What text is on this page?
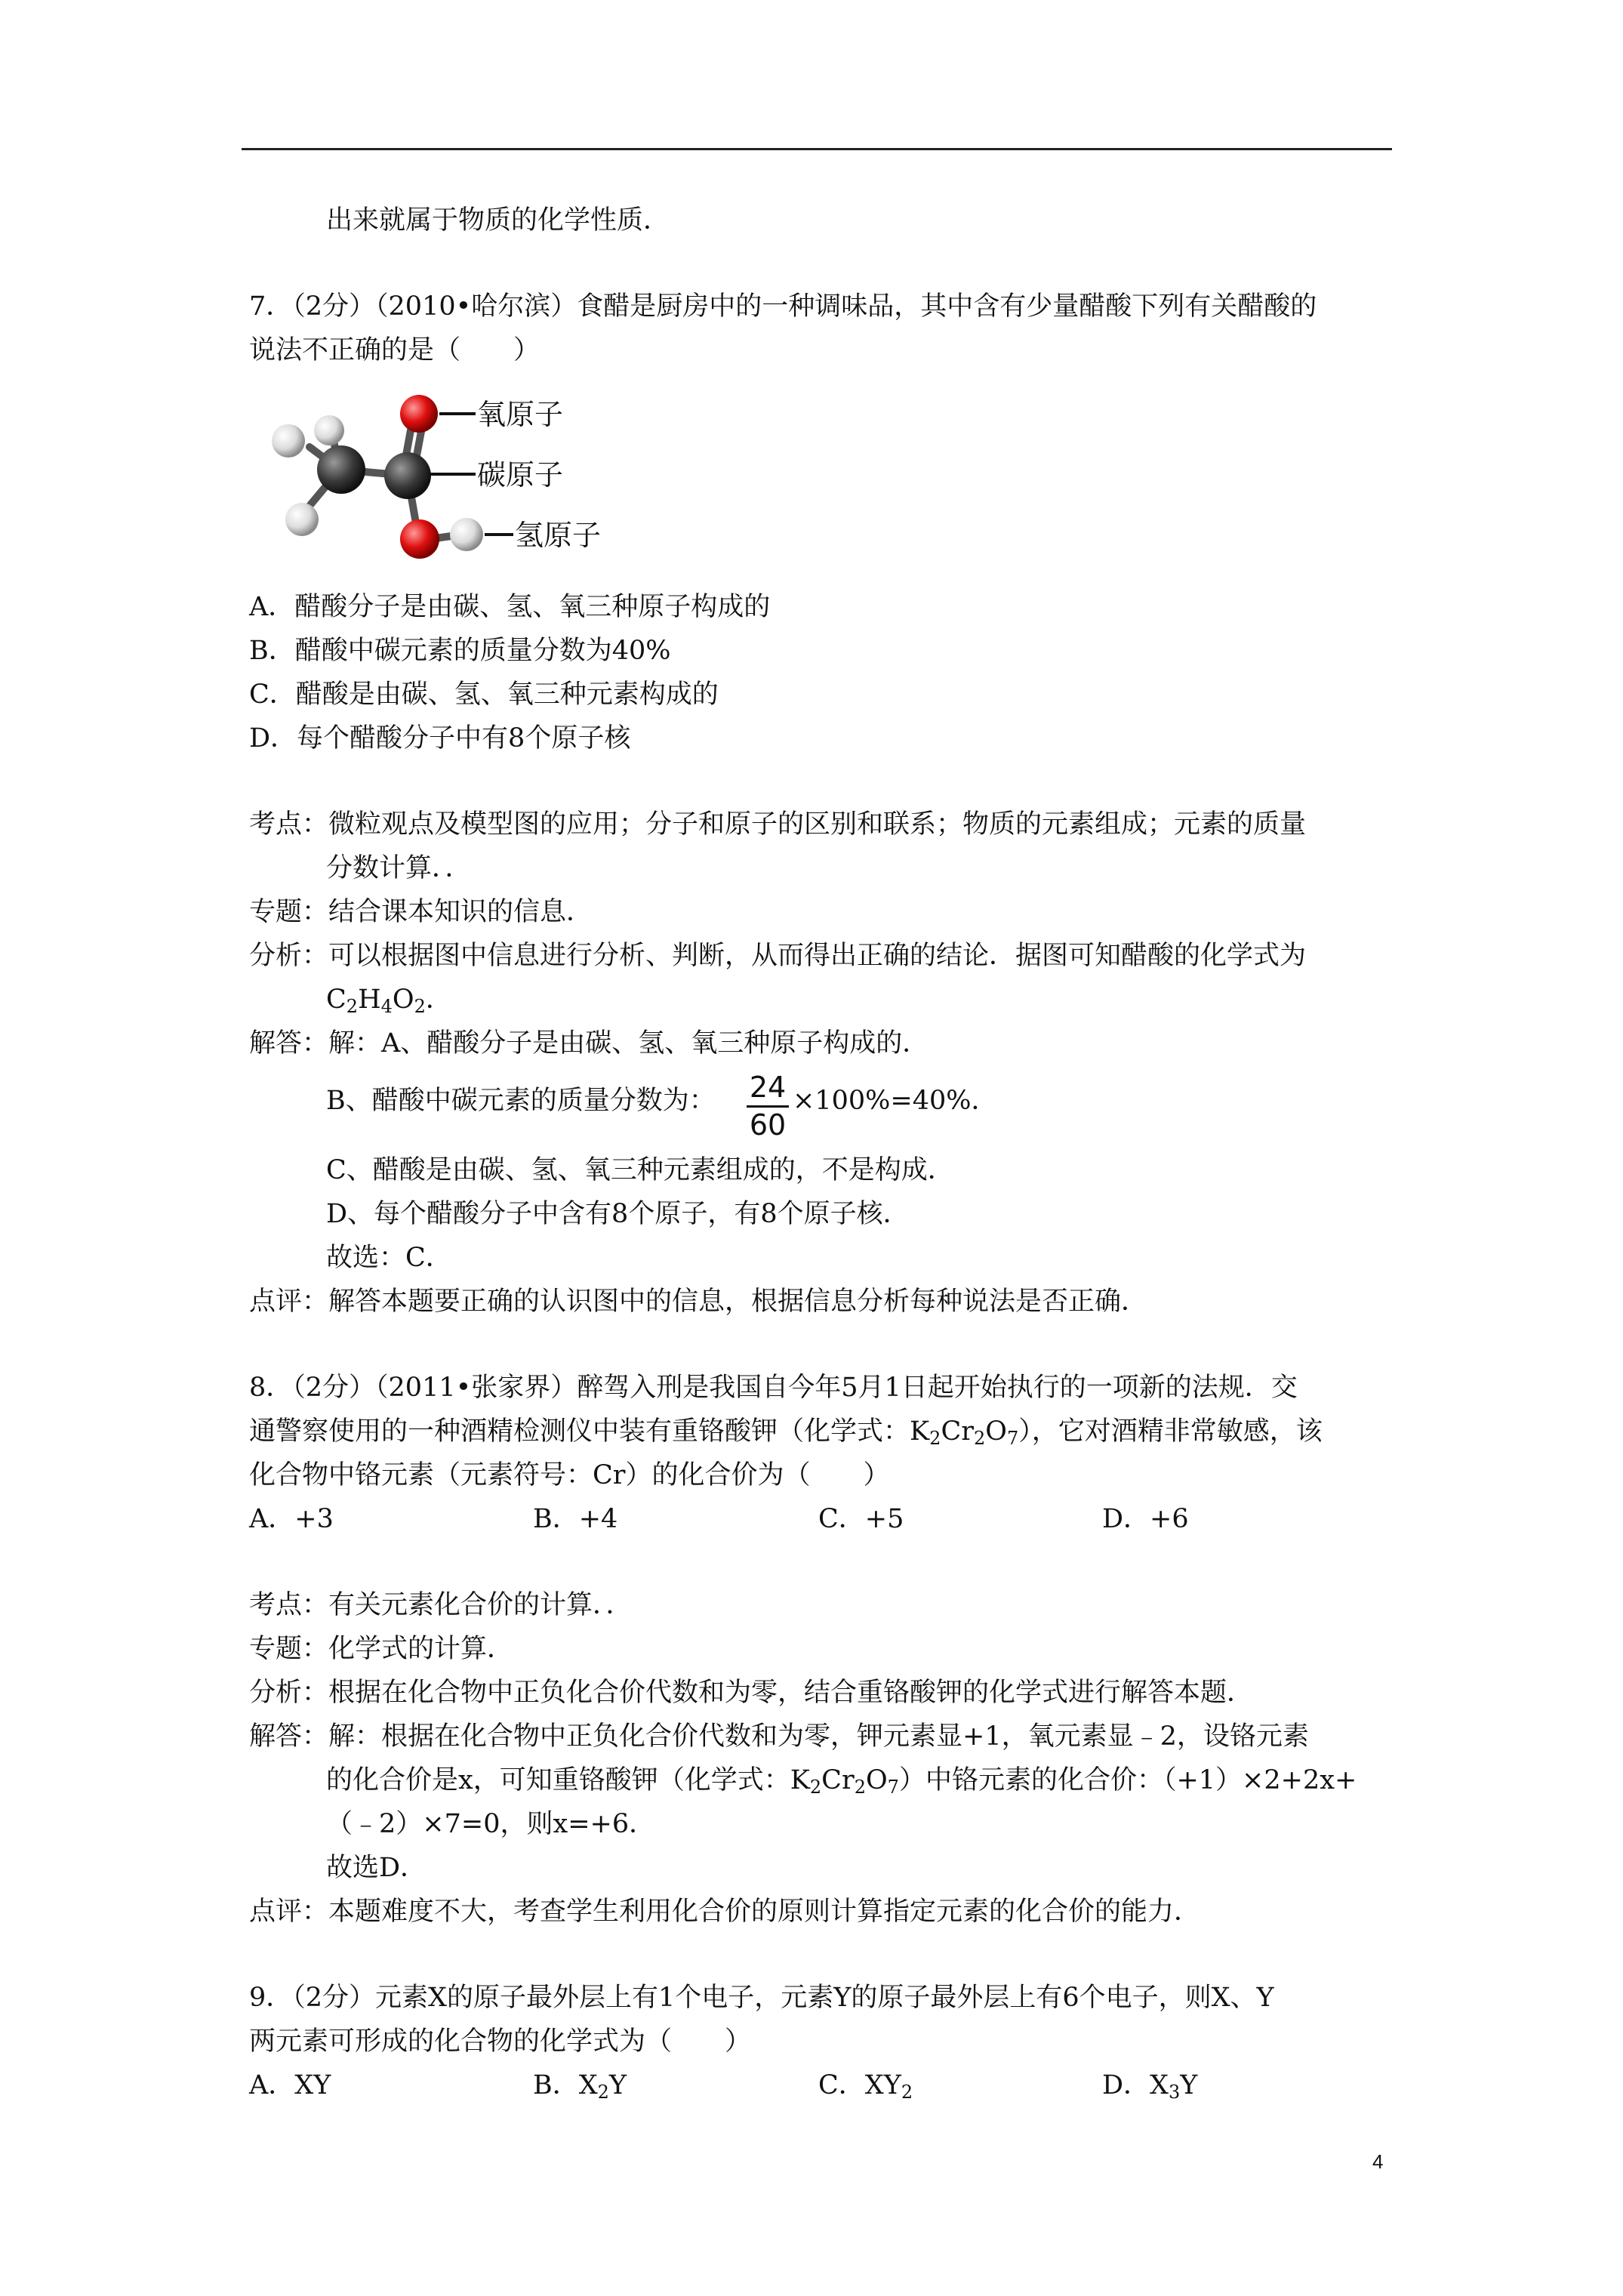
出来就属于物质的化学性质．
7．（2分）（2010•哈尔滨）食醋是厨房中的一种调味品，其中含有少量醋酸下列有关醋酸的
说法不正确的是（　　）
氧原子
碳原子
氢原子
A．醋酸分子是由碳、氢、氧三种原子构成的
B．醋酸中碳元素的质量分数为40%
C．醋酸是由碳、氢、氧三种元素构成的
D．每个醋酸分子中有8个原子核
考点：微粒观点及模型图的应用；分子和原子的区别和联系；物质的元素组成；元素的质量
分数计算．．
专题：结合课本知识的信息．
分析：可以根据图中信息进行分析、判断，从而得出正确的结论．据图可知醋酸的化学式为
$C_2H_4O_2$．
解答：解：A、醋酸分子是由碳、氢、氧三种原子构成的．
B、醋酸中碳元素的质量分数为： 24
60
×100%=40%．
C、醋酸是由碳、氢、氧三种元素组成的，不是构成．
D、每个醋酸分子中含有8个原子，有8个原子核．
故选：C．
点评：解答本题要正确的认识图中的信息，根据信息分析每种说法是否正确．
8．（2分）（2011•张家界）醉驾入刑是我国自今年5月1日起开始执行的一项新的法规．交
通警察使用的一种酒精检测仪中装有重铬酸钾（化学式：$K_2Cr_2O_7$），它对酒精非常敏感，该
化合物中铬元素（元素符号：Cr）的化合价为（　　）
A．+3	B．+4	C．+5	D．+6
考点：有关元素化合价的计算．．
专题：化学式的计算．
分析：根据在化合物中正负化合价代数和为零，结合重铬酸钾的化学式进行解答本题．
解答：解：根据在化合物中正负化合价代数和为零，钾元素显+1，氧元素显﹣2，设铬元素
的化合价是x，可知重铬酸钾（化学式：$K_2Cr_2O_7$）中铬元素的化合价：（+1）×2+2x+
（﹣2）×7=0，则x=+6．
故选D．
点评：本题难度不大，考查学生利用化合价的原则计算指定元素的化合价的能力．
9．（2分）元素X的原子最外层上有1个电子，元素Y的原子最外层上有6个电子，则X、Y
两元素可形成的化合物的化学式为（　　）
A．XY	B．$X_2Y$	C．$XY_2$	D．$X_3Y$
4
